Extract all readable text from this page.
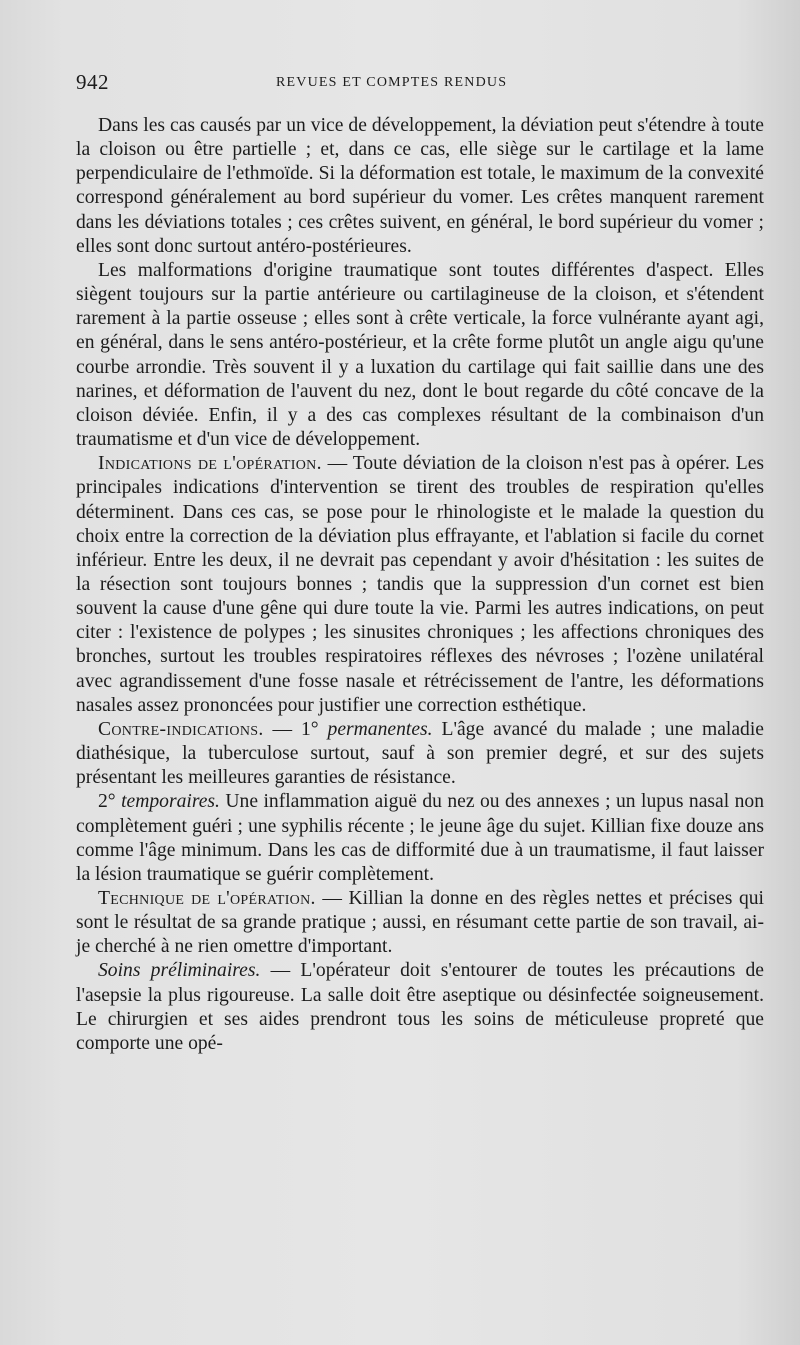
942	REVUES ET COMPTES RENDUS

Dans les cas causés par un vice de développement, la déviation peut s'étendre à toute la cloison ou être partielle ; et, dans ce cas, elle siège sur le cartilage et la lame perpendiculaire de l'ethmoïde. Si la déformation est totale, le maximum de la convexité correspond généralement au bord supérieur du vomer. Les crêtes manquent rarement dans les déviations totales ; ces crêtes suivent, en général, le bord supérieur du vomer ; elles sont donc surtout antéro-postérieures.

Les malformations d'origine traumatique sont toutes différentes d'aspect. Elles siègent toujours sur la partie antérieure ou cartilagineuse de la cloison, et s'étendent rarement à la partie osseuse ; elles sont à crête verticale, la force vulnérante ayant agi, en général, dans le sens antéro-postérieur, et la crête forme plutôt un angle aigu qu'une courbe arrondie. Très souvent il y a luxation du cartilage qui fait saillie dans une des narines, et déformation de l'auvent du nez, dont le bout regarde du côté concave de la cloison déviée. Enfin, il y a des cas complexes résultant de la combinaison d'un traumatisme et d'un vice de développement.

Indications de l'opération. — Toute déviation de la cloison n'est pas à opérer. Les principales indications d'intervention se tirent des troubles de respiration qu'elles déterminent. Dans ces cas, se pose pour le rhinologiste et le malade la question du choix entre la correction de la déviation plus effrayante, et l'ablation si facile du cornet inférieur. Entre les deux, il ne devrait pas cependant y avoir d'hésitation : les suites de la résection sont toujours bonnes ; tandis que la suppression d'un cornet est bien souvent la cause d'une gêne qui dure toute la vie. Parmi les autres indications, on peut citer : l'existence de polypes ; les sinusites chroniques ; les affections chroniques des bronches, surtout les troubles respiratoires réflexes des névroses ; l'ozène unilatéral avec agrandissement d'une fosse nasale et rétrécissement de l'antre, les déformations nasales assez prononcées pour justifier une correction esthétique.

Contre-indications. — 1° permanentes. L'âge avancé du malade ; une maladie diathésique, la tuberculose surtout, sauf à son premier degré, et sur des sujets présentant les meilleures garanties de résistance.

2° temporaires. Une inflammation aiguë du nez ou des annexes ; un lupus nasal non complètement guéri ; une syphilis récente ; le jeune âge du sujet. Killian fixe douze ans comme l'âge minimum. Dans les cas de difformité due à un traumatisme, il faut laisser la lésion traumatique se guérir complètement.

Technique de l'opération. — Killian la donne en des règles nettes et précises qui sont le résultat de sa grande pratique ; aussi, en résumant cette partie de son travail, ai-je cherché à ne rien omettre d'important.

Soins préliminaires. — L'opérateur doit s'entourer de toutes les précautions de l'asepsie la plus rigoureuse. La salle doit être aseptique ou désinfectée soigneusement. Le chirurgien et ses aides prendront tous les soins de méticuleuse propreté que comporte une opé-
